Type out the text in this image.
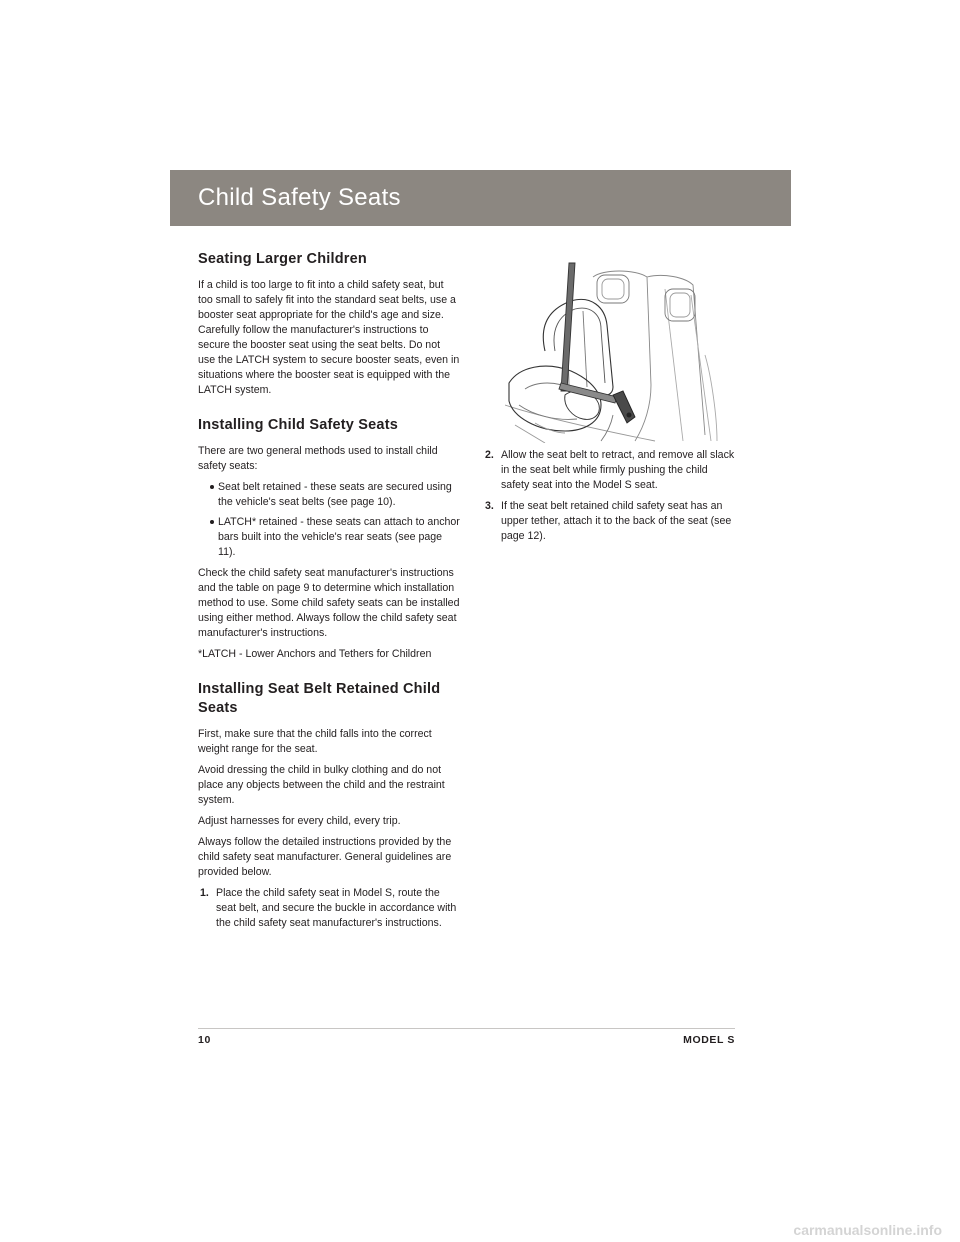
Child Safety Seats
Seating Larger Children

If a child is too large to fit into a child safety seat, but too small to safely fit into the standard seat belts, use a booster seat appropriate for the child's age and size. Carefully follow the manufacturer's instructions to secure the booster seat using the seat belts. Do not use the LATCH system to secure booster seats, even in situations where the booster seat is equipped with the LATCH system.

Installing Child Safety Seats

There are two general methods used to install child safety seats:

Seat belt retained - these seats are secured using the vehicle's seat belts (see page 10).
LATCH* retained - these seats can attach to anchor bars built into the vehicle's rear seats (see page 11).

Check the child safety seat manufacturer's instructions and the table on page 9 to determine which installation method to use. Some child safety seats can be installed using either method. Always follow the child safety seat manufacturer's instructions.

*LATCH - Lower Anchors and Tethers for Children

Installing Seat Belt Retained Child Seats

First, make sure that the child falls into the correct weight range for the seat.

Avoid dressing the child in bulky clothing and do not place any objects between the child and the restraint system.

Adjust harnesses for every child, every trip.

Always follow the detailed instructions provided by the child safety seat manufacturer. General guidelines are provided below.

1. Place the child safety seat in Model S, route the seat belt, and secure the buckle in accordance with the child safety seat manufacturer's instructions.
2. Allow the seat belt to retract, and remove all slack in the seat belt while firmly pushing the child safety seat into the Model S seat.
3. If the seat belt retained child safety seat has an upper tether, attach it to the back of the seat (see page 12).
10	MODEL S
carmanualsonline.info
